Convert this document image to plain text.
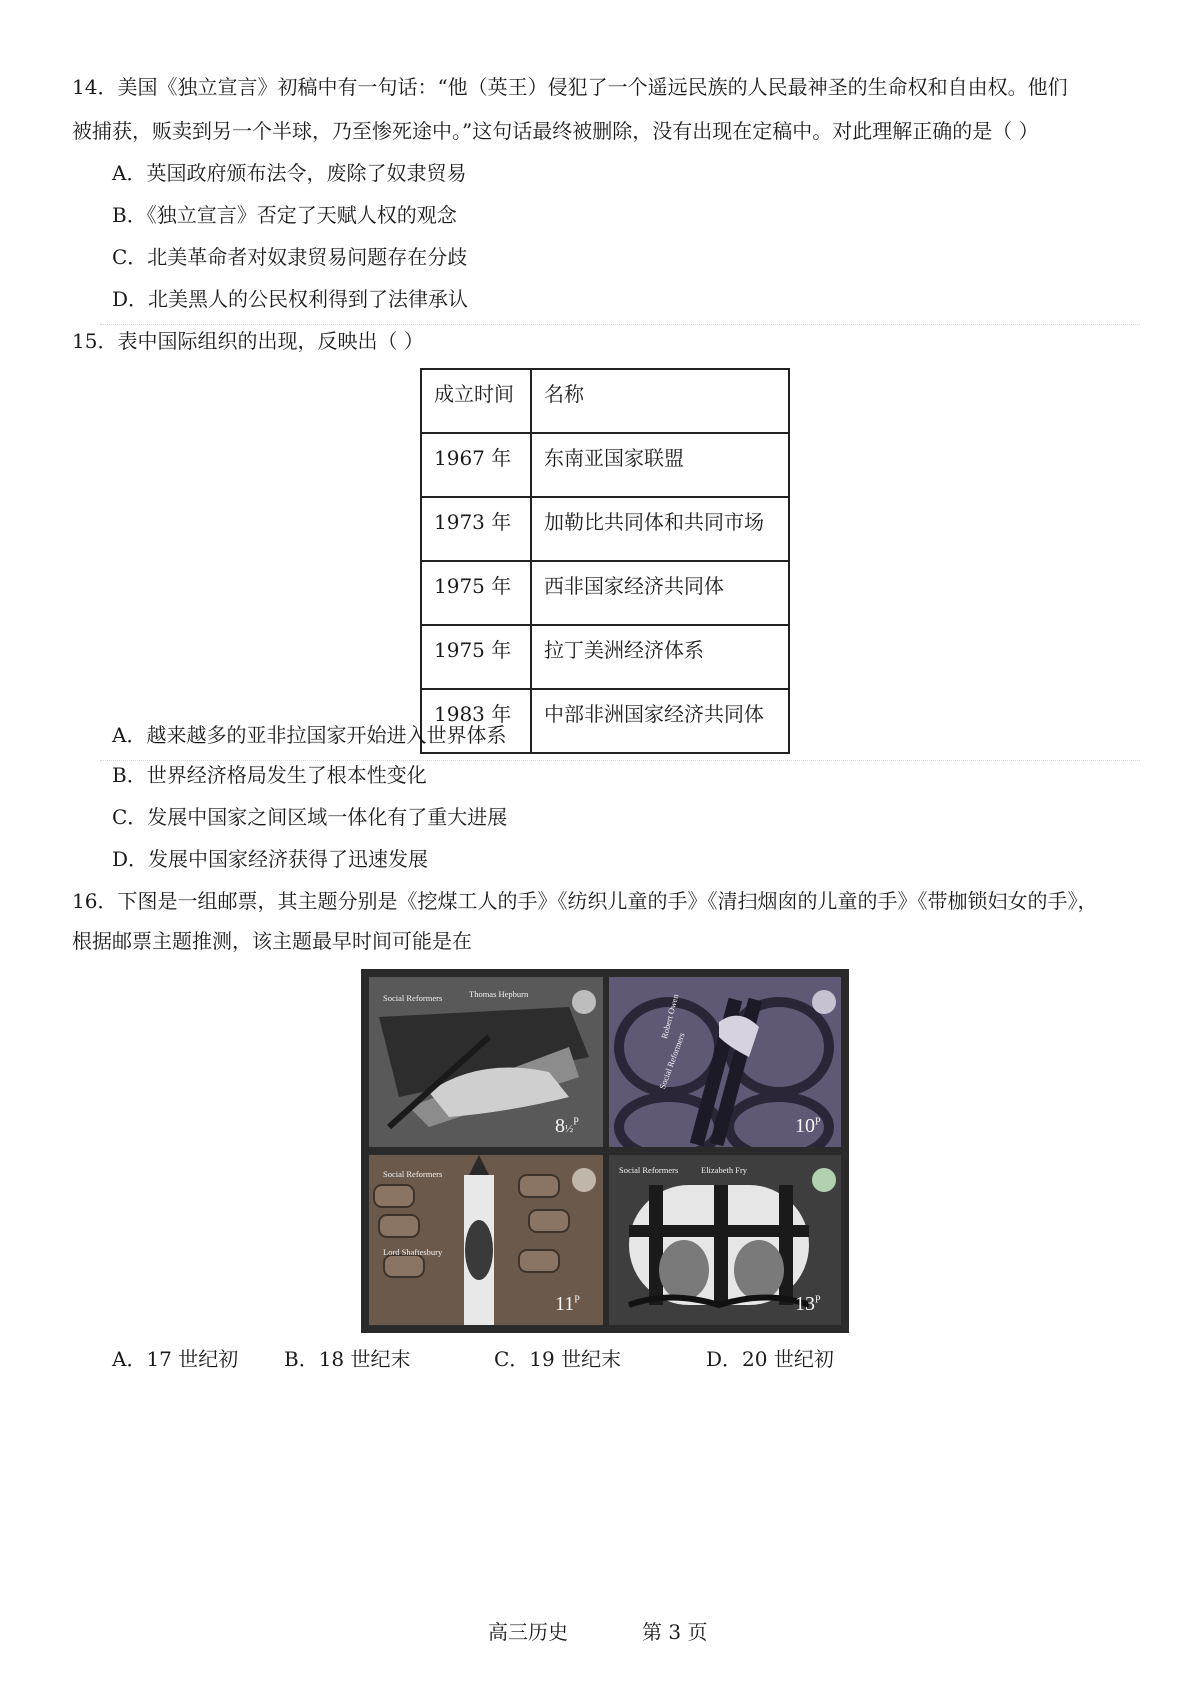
14．美国《独立宣言》初稿中有一句话：“他（英王）侵犯了一个遥远民族的人民最神圣的生命权和自由权。他们
被捕获，贩卖到另一个半球，乃至惨死途中。”这句话最终被删除，没有出现在定稿中。对此理解正确的是（ ）
A．英国政府颁布法令，废除了奴隶贸易
B．《独立宣言》否定了天赋人权的观念
C．北美革命者对奴隶贸易问题存在分歧
D．北美黑人的公民权利得到了法律承认
15．表中国际组织的出现，反映出（ ）
成立时间	名称
1967 年	东南亚国家联盟
1973 年	加勒比共同体和共同市场
1975 年	西非国家经济共同体
1975 年	拉丁美洲经济体系
1983 年	中部非洲国家经济共同体
A．越来越多的亚非拉国家开始进入世界体系
B．世界经济格局发生了根本性变化
C．发展中国家之间区域一体化有了重大进展
D．发展中国家经济获得了迅速发展
16．下图是一组邮票，其主题分别是《挖煤工人的手》《纺织儿童的手》《清扫烟囱的儿童的手》《带枷锁妇女的手》，
根据邮票主题推测，该主题最早时间可能是在
Social Reformers	Thomas Hepburn
8½$^P$
Social Reformers
Robert Owen
$10^P$
Social Reformers
Lord Shaftesbury
$11^P$
Social Reformers	Elizabeth Fry
$13^P$
A．17 世纪初 B．18 世纪末	C．19 世纪末	D．20 世纪初
高三历史	第 3 页
